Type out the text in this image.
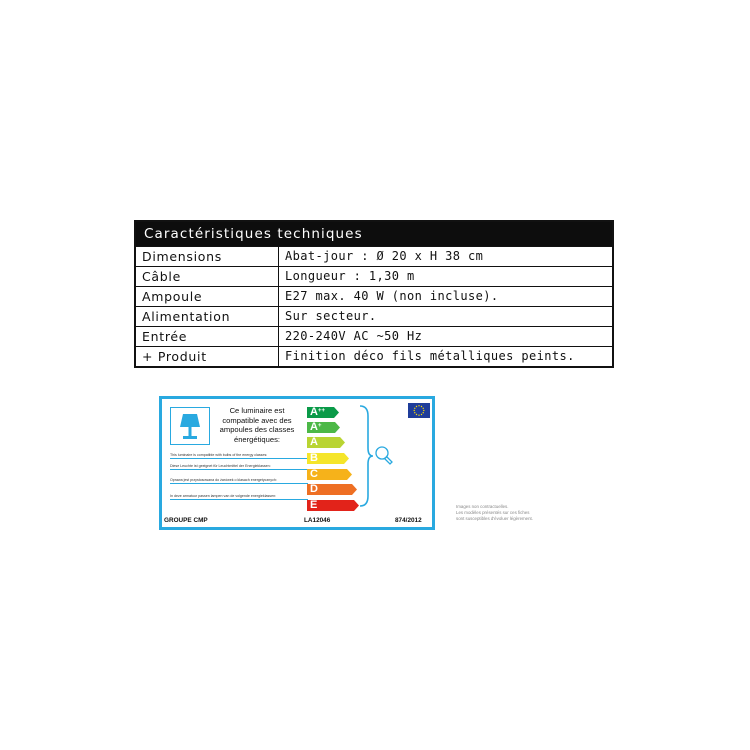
Caractéristiques techniques
Dimensions	Abat-jour : Ø 20 x H 38 cm
Câble	Longueur : 1,30 m
Ampoule	E27 max. 40 W (non incluse).
Alimentation	Sur secteur.
Entrée	220-240V AC ~50 Hz
+ Produit	Finition déco fils métalliques peints.
Ce luminaire est
compatible avec des
ampoules des classes
énergétiques:
This luminaire is compatible with bulbs of the energy classes:
Diese Leuchte ist geeignet für Leuchtmittel der Energieklassen:
Oprawa jest przystosowana do żarówek o klasach energetycznych:
In deze armatuur passen lampen van de volgende energieklassen:
A++
A+
A
B
C
D
E
GROUPE CMP	LA12046	874/2012
Images non contractuelles.
Les modèles présentés sur ces fiches
sont susceptibles d'évoluer légèrement.
